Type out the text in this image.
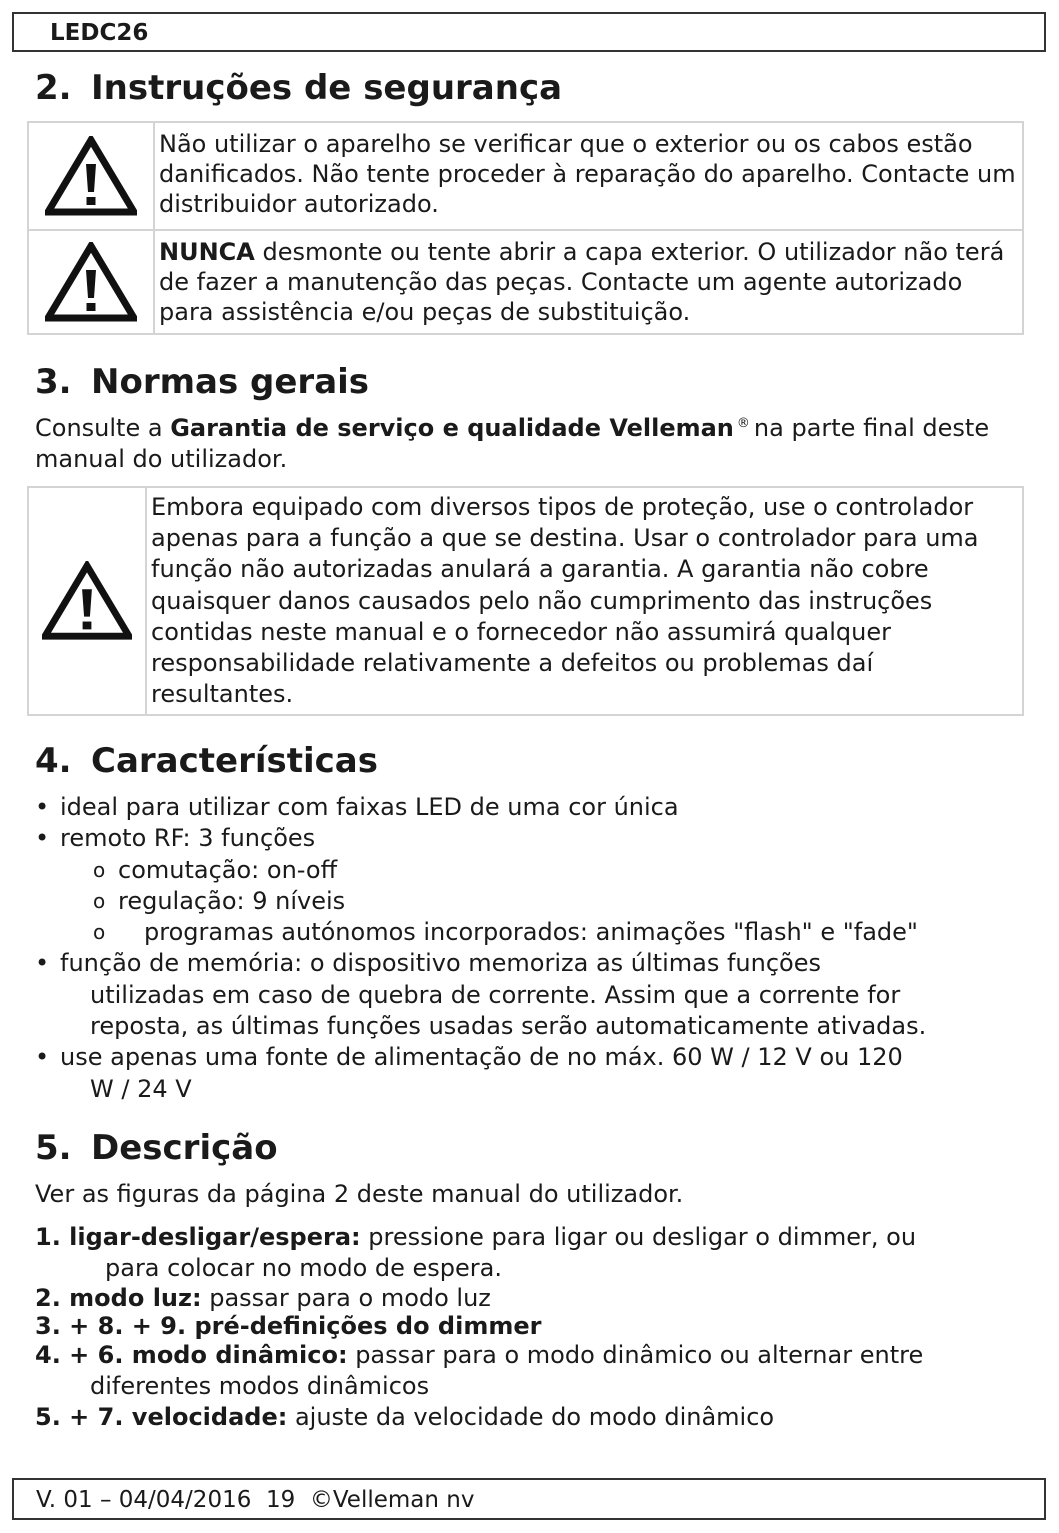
LEDC26
2. Instruções de segurança
Não utilizar o aparelho se verificar que o exterior ou os cabos estão danificados. Não tente proceder à reparação do aparelho. Contacte um distribuidor autorizado.
NUNCA desmonte ou tente abrir a capa exterior. O utilizador não terá de fazer a manutenção das peças. Contacte um agente autorizado para assistência e/ou peças de substituição.
3. Normas gerais
Consulte a Garantia de serviço e qualidade Velleman ® na parte final deste manual do utilizador.
Embora equipado com diversos tipos de proteção, use o controlador apenas para a função a que se destina. Usar o controlador para uma função não autorizadas anulará a garantia. A garantia não cobre quaisquer danos causados pelo não cumprimento das instruções contidas neste manual e o fornecedor não assumirá qualquer responsabilidade relativamente a defeitos ou problemas daí resultantes.
4. Características
• ideal para utilizar com faixas LED de uma cor única
• remoto RF: 3 funções
o comutação: on-off
o regulação: 9 níveis
o programas autónomos incorporados: animações "flash" e "fade"
• função de memória: o dispositivo memoriza as últimas funções
utilizadas em caso de quebra de corrente. Assim que a corrente for
reposta, as últimas funções usadas serão automaticamente ativadas.
• use apenas uma fonte de alimentação de no máx. 60 W / 12 V ou 120
W / 24 V
5. Descrição
Ver as figuras da página 2 deste manual do utilizador.
1. ligar-desligar/espera: pressione para ligar ou desligar o dimmer, ou
para colocar no modo de espera.
2. modo luz: passar para o modo luz
3. + 8. + 9. pré-definições do dimmer
4. + 6. modo dinâmico: passar para o modo dinâmico ou alternar entre
diferentes modos dinâmicos
5. + 7. velocidade: ajuste da velocidade do modo dinâmico
V. 01 – 04/04/2016  19  ©Velleman nv
